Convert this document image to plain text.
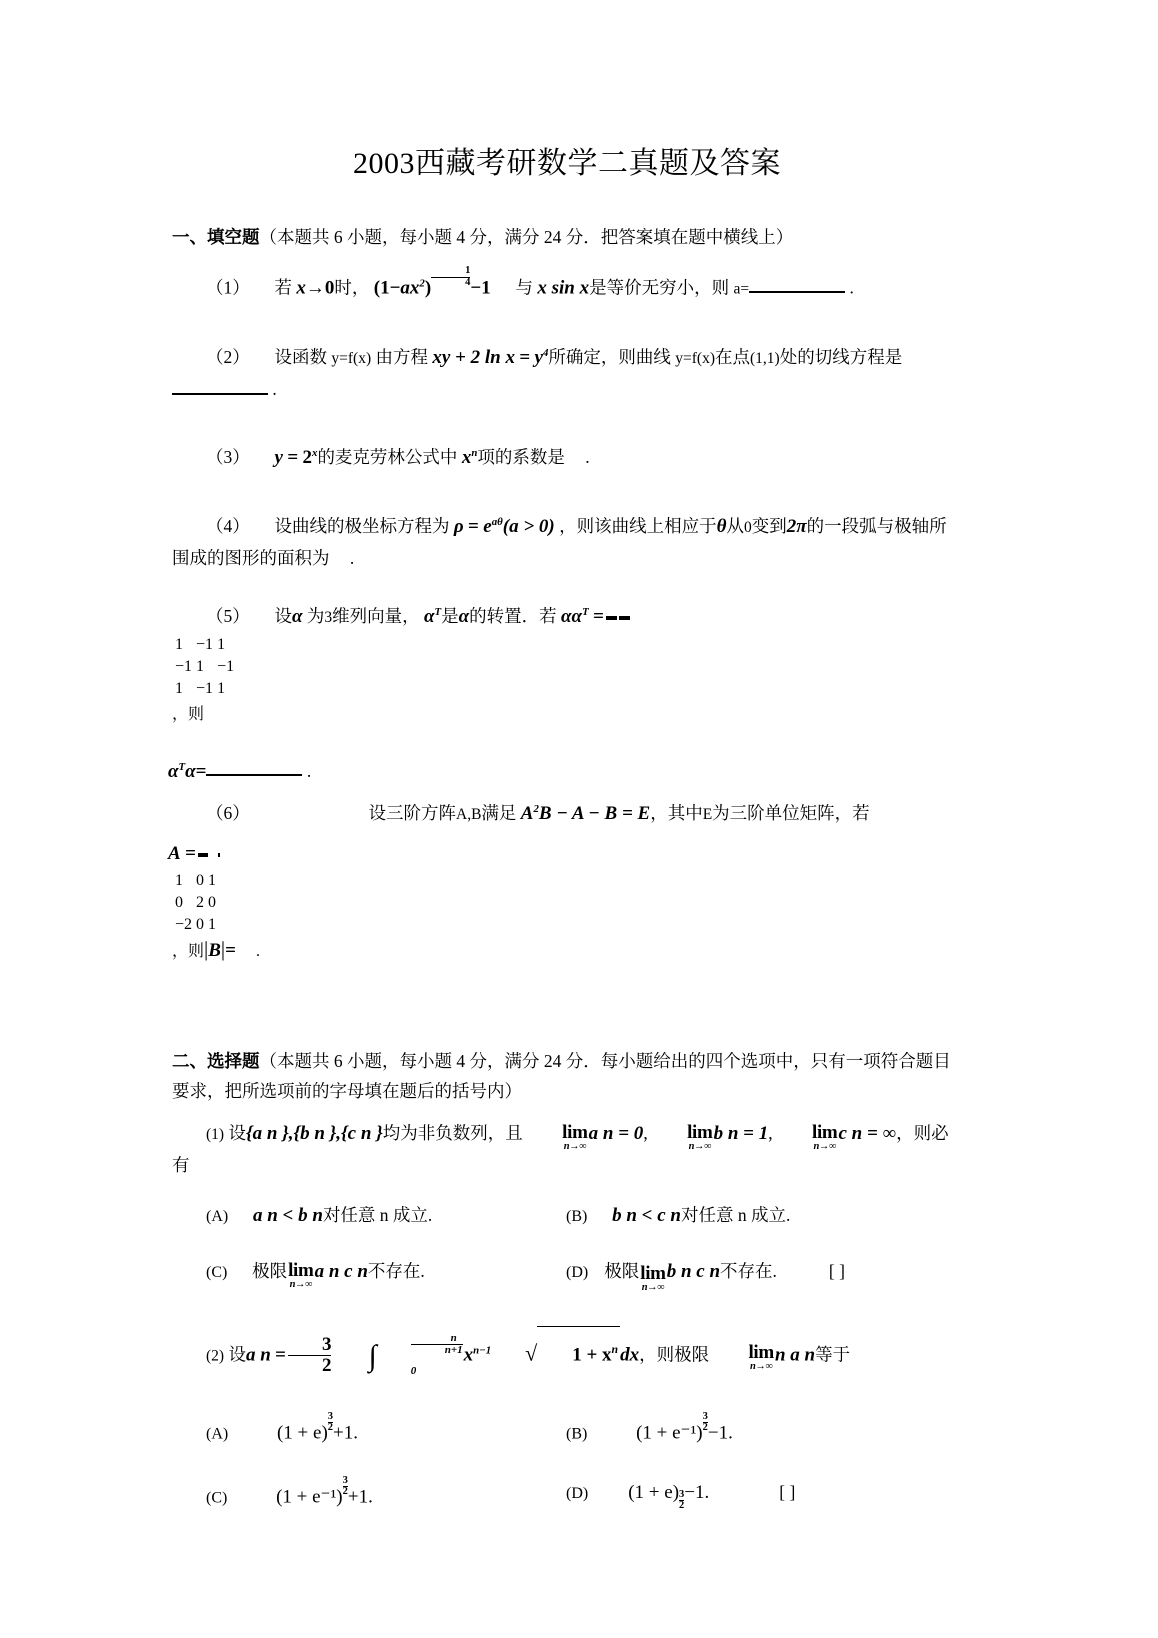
2003西藏考研数学二真题及答案

一、填空题（本题共 6 小题，每小题 4 分，满分 24 分．把答案填在题中横线上）

（1） 若 x→0时， $(1-ax^2) \frac{1}{4} -1$ 与 x sin x是等价无穷小，则 a=	.

（2） 设函数 y=f(x) 由方程 xy + 2 $\ln x = y^4$所确定，则曲线 y=f(x)在点(1,1)处的切线方程是 .

（3） $y = 2^x$的麦克劳林公式中 $x^n$项的系数是 .

（4） 设曲线的极坐标方程为 $\rho = e^{a\theta}(a > 0)$ ，则该曲线上相应于θ从0变到2π的一段弧与极轴所围成的图形的面积为 .

（5） 设α 为3维列向量， $\alpha^T$是α的转置．若 $\alpha\alpha^T$ =

1	−1	1
−1	1	−1
1	−1	1
，则

$\alpha^T\alpha=$	.

（6）	设三阶方阵A,B满足 $A^2B - A - B = E$，其中E为三阶单位矩阵，若

A =

1	0	1
0	2	0
−2	0	1
，则|B|= .

二、选择题（本题共 6 小题，每小题 4 分，满分 24 分．每小题给出的四个选项中，只有一项符合题目要求，把所选项前的字母填在题后的括号内）

(1) 设{a n },{b n },{c n }均为非负数列，且	lim
n→∞
a n = 0,	lim
n→∞
b n = 1,	lim
n→∞
c n = ∞，则必有

(A) a n < b n对任意 n 成立.	(B) b n < c n对任意 n 成立.
(C) 极限 lim
n→∞
a n c n不存在.	(D) 极限 lim
n→∞
b n c n 不存在.	[ ]

(2) 设a $n = \frac{3}{2}$ ∫	$\frac{n}{n+1}$
0
$x^{n-1}$ √ $1 + x^n$ dx，则极限	lim
n→∞
n a n等于

(A)	$(1 + e) \frac{3}{2} +1$.	(B)	$(1 + e^{-1}) \frac{3}{2} -1$.
(C)	$(1 + e^{-1}) \frac{3}{2} +1$.	(D) $(1 + e) \frac{3}{2} -1$.	[ ]
